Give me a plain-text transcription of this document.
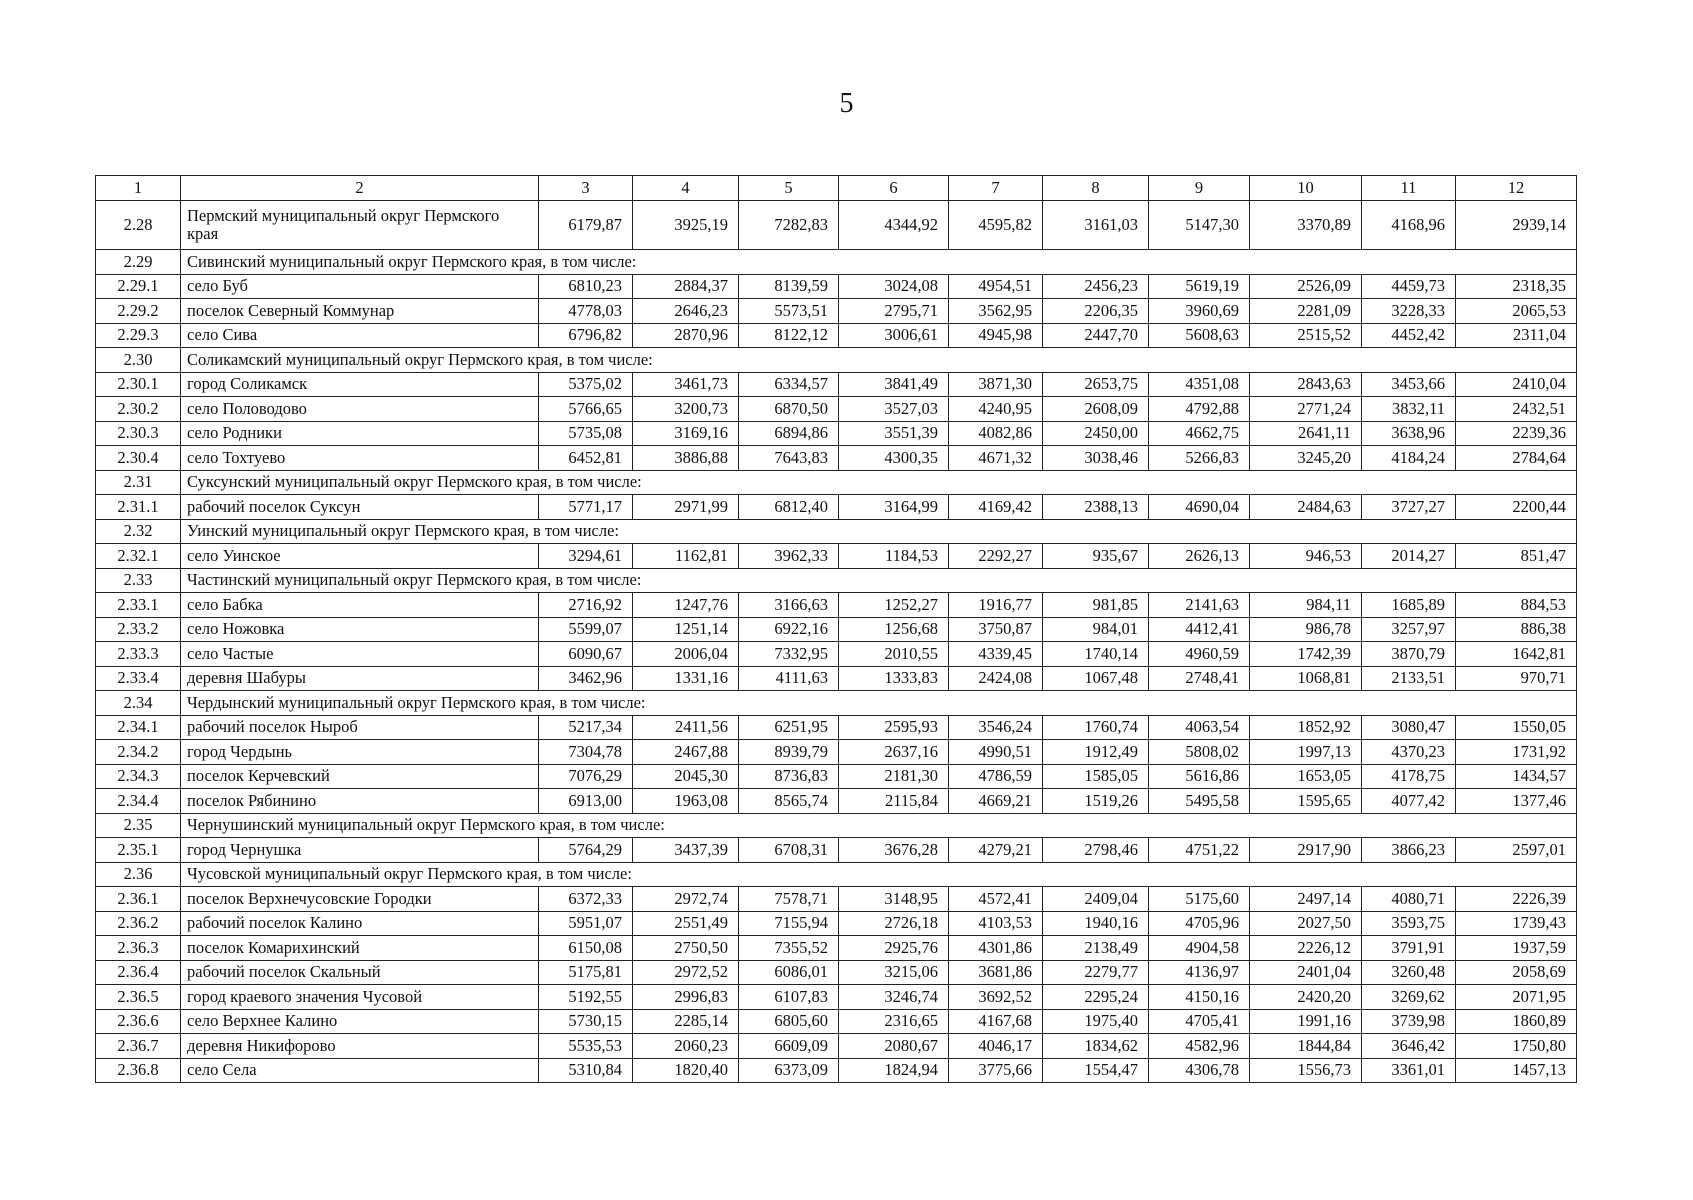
5
1	2	3	4	5	6	7	8	9	10	11	12
2.28	Пермский муниципальный округ Пермского края	6179,87	3925,19	7282,83	4344,92	4595,82	3161,03	5147,30	3370,89	4168,96	2939,14
2.29	Сивинский муниципальный округ Пермского края, в том числе:										
2.29.1	село Буб	6810,23	2884,37	8139,59	3024,08	4954,51	2456,23	5619,19	2526,09	4459,73	2318,35
2.29.2	поселок Северный Коммунар	4778,03	2646,23	5573,51	2795,71	3562,95	2206,35	3960,69	2281,09	3228,33	2065,53
2.29.3	село Сива	6796,82	2870,96	8122,12	3006,61	4945,98	2447,70	5608,63	2515,52	4452,42	2311,04
2.30	Соликамский муниципальный округ Пермского края, в том числе:										
2.30.1	город Соликамск	5375,02	3461,73	6334,57	3841,49	3871,30	2653,75	4351,08	2843,63	3453,66	2410,04
2.30.2	село Половодово	5766,65	3200,73	6870,50	3527,03	4240,95	2608,09	4792,88	2771,24	3832,11	2432,51
2.30.3	село Родники	5735,08	3169,16	6894,86	3551,39	4082,86	2450,00	4662,75	2641,11	3638,96	2239,36
2.30.4	село Тохтуево	6452,81	3886,88	7643,83	4300,35	4671,32	3038,46	5266,83	3245,20	4184,24	2784,64
2.31	Суксунский муниципальный округ Пермского края, в том числе:										
2.31.1	рабочий поселок Суксун	5771,17	2971,99	6812,40	3164,99	4169,42	2388,13	4690,04	2484,63	3727,27	2200,44
2.32	Уинский муниципальный округ Пермского края, в том числе:										
2.32.1	село Уинское	3294,61	1162,81	3962,33	1184,53	2292,27	935,67	2626,13	946,53	2014,27	851,47
2.33	Частинский муниципальный округ Пермского края, в том числе:										
2.33.1	село Бабка	2716,92	1247,76	3166,63	1252,27	1916,77	981,85	2141,63	984,11	1685,89	884,53
2.33.2	село Ножовка	5599,07	1251,14	6922,16	1256,68	3750,87	984,01	4412,41	986,78	3257,97	886,38
2.33.3	село Частые	6090,67	2006,04	7332,95	2010,55	4339,45	1740,14	4960,59	1742,39	3870,79	1642,81
2.33.4	деревня Шабуры	3462,96	1331,16	4111,63	1333,83	2424,08	1067,48	2748,41	1068,81	2133,51	970,71
2.34	Чердынский муниципальный округ Пермского края, в том числе:										
2.34.1	рабочий поселок Ныроб	5217,34	2411,56	6251,95	2595,93	3546,24	1760,74	4063,54	1852,92	3080,47	1550,05
2.34.2	город Чердынь	7304,78	2467,88	8939,79	2637,16	4990,51	1912,49	5808,02	1997,13	4370,23	1731,92
2.34.3	поселок Керчевский	7076,29	2045,30	8736,83	2181,30	4786,59	1585,05	5616,86	1653,05	4178,75	1434,57
2.34.4	поселок Рябинино	6913,00	1963,08	8565,74	2115,84	4669,21	1519,26	5495,58	1595,65	4077,42	1377,46
2.35	Чернушинский муниципальный округ Пермского края, в том числе:										
2.35.1	город Чернушка	5764,29	3437,39	6708,31	3676,28	4279,21	2798,46	4751,22	2917,90	3866,23	2597,01
2.36	Чусовской муниципальный округ Пермского края, в том числе:										
2.36.1	поселок Верхнечусовские Городки	6372,33	2972,74	7578,71	3148,95	4572,41	2409,04	5175,60	2497,14	4080,71	2226,39
2.36.2	рабочий поселок Калино	5951,07	2551,49	7155,94	2726,18	4103,53	1940,16	4705,96	2027,50	3593,75	1739,43
2.36.3	поселок Комарихинский	6150,08	2750,50	7355,52	2925,76	4301,86	2138,49	4904,58	2226,12	3791,91	1937,59
2.36.4	рабочий поселок Скальный	5175,81	2972,52	6086,01	3215,06	3681,86	2279,77	4136,97	2401,04	3260,48	2058,69
2.36.5	город краевого значения Чусовой	5192,55	2996,83	6107,83	3246,74	3692,52	2295,24	4150,16	2420,20	3269,62	2071,95
2.36.6	село Верхнее Калино	5730,15	2285,14	6805,60	2316,65	4167,68	1975,40	4705,41	1991,16	3739,98	1860,89
2.36.7	деревня Никифорово	5535,53	2060,23	6609,09	2080,67	4046,17	1834,62	4582,96	1844,84	3646,42	1750,80
2.36.8	село Села	5310,84	1820,40	6373,09	1824,94	3775,66	1554,47	4306,78	1556,73	3361,01	1457,13
